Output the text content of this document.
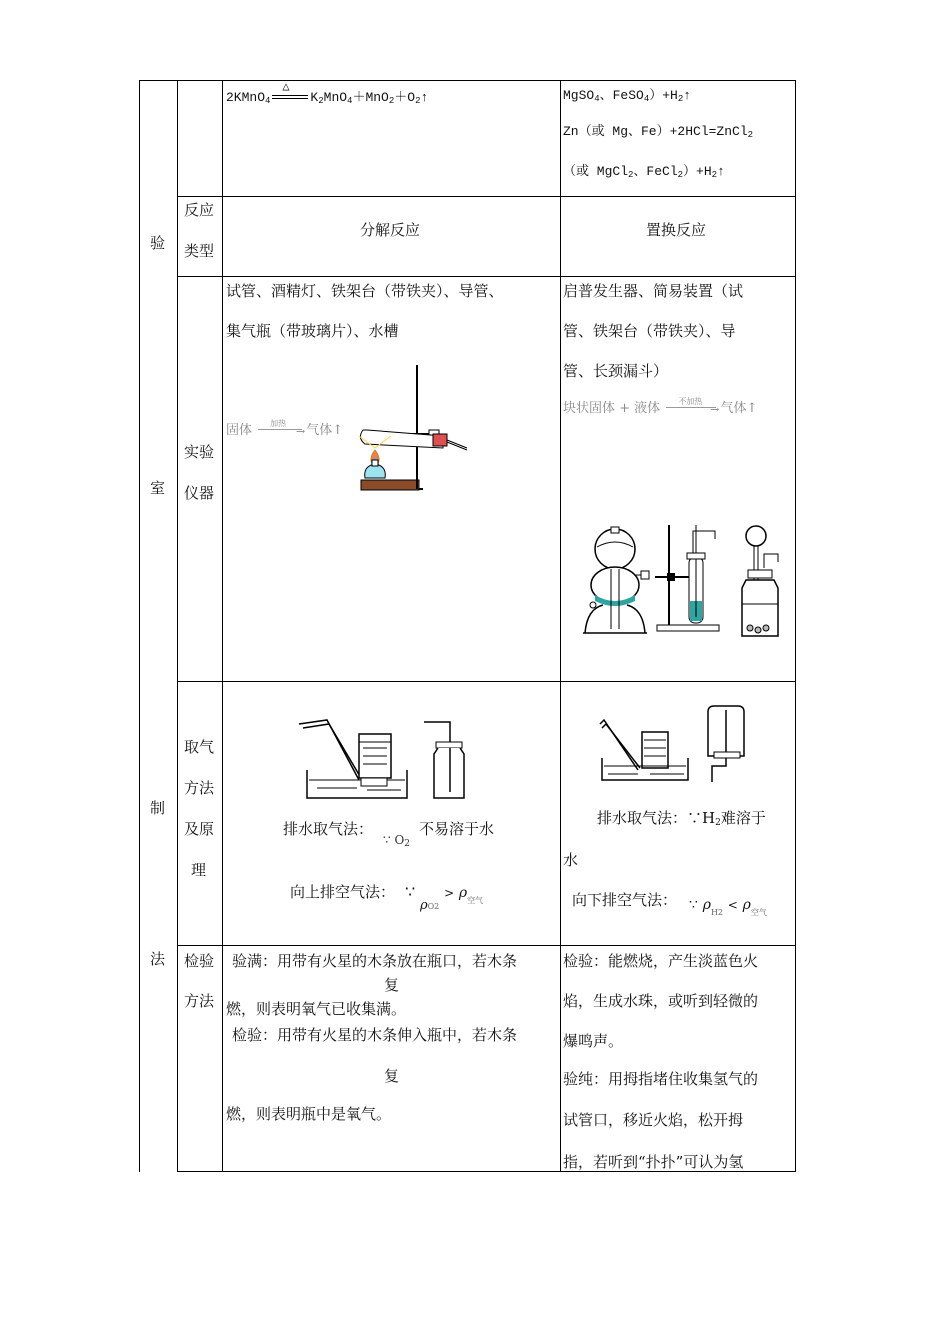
验
室
制
法
2KMnO$_4$
△
$K_2MnO_4+MnO_2+O_2↑$	MgSO$_4$、$FeSO_4)+H_2↑$
Zn（或 Mg、Fe）+2HCl=ZnCl$_2$
（或 MgCl$_2$、$FeCl_2)+H_2↑$
反应
类型
分解反应	置换反应
实验
仪器
试管、酒精灯、铁架台（带铁夹）、导管、
集气瓶（带玻璃片）、水槽
固体 加热
→ 气体↑
启普发生器、简易装置（试
管、铁架台（带铁夹）、导
管、长颈漏斗）
块状固体 + 液体 不加热
→ 气体↑
取气
方法
及原
理
排水取气法：
∵ $O_2$
不易溶于水
向上排空气法： ∵ $\rho O2 > \rho_{空气}$
排水取气法：$\because H_2$难溶于
水
向下排空气法： ∵ $\rho_{H2} < \rho_{空气}$
检验
方法
验满：用带有火星的木条放在瓶口，若木条
复
燃，则表明氧气已收集满。
检验：用带有火星的木条伸入瓶中，若木条
复
燃，则表明瓶中是氧气。
检验：能燃烧，产生淡蓝色火
焰，生成水珠，或听到轻微的
爆鸣声。
验纯：用拇指堵住收集氢气的
试管口，移近火焰，松开拇
指，若听到“扑扑”可认为氢
